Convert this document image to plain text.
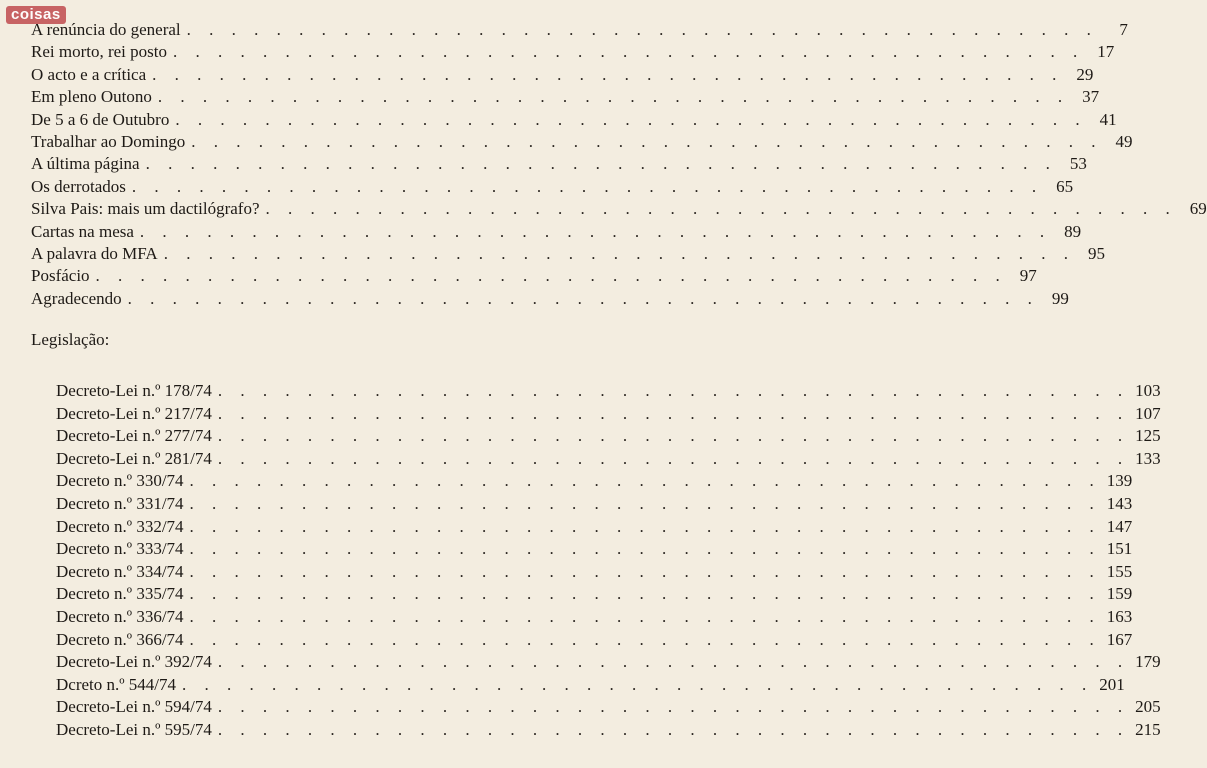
coisas
A renúncia do general . . . . . . . . . . . . . . . . . . . . . . . . . . . . . . . . . . . . . . . . .	7
Rei morto, rei posto . . . . . . . . . . . . . . . . . . . . . . . . . . . . . . . . . . . . . . . . . 17
O acto e a crítica . . . . . . . . . . . . . . . . . . . . . . . . . . . . . . . . . . . . . . . . . 29
Em pleno Outono . . . . . . . . . . . . . . . . . . . . . . . . . . . . . . . . . . . . . . . . . 37
De 5 a 6 de Outubro . . . . . . . . . . . . . . . . . . . . . . . . . . . . . . . . . . . . . . . . . 41
Trabalhar ao Domingo . . . . . . . . . . . . . . . . . . . . . . . . . . . . . . . . . . . . . . . . . 49
A última página . . . . . . . . . . . . . . . . . . . . . . . . . . . . . . . . . . . . . . . . . 53
Os derrotados . . . . . . . . . . . . . . . . . . . . . . . . . . . . . . . . . . . . . . . . . 65
Silva Pais: mais um dactilógrafo? . . . . . . . . . . . . . . . . . . . . . . . . . . . . . . . . . . . . . . . . . 69
Cartas na mesa . . . . . . . . . . . . . . . . . . . . . . . . . . . . . . . . . . . . . . . . . 89
A palavra do MFA . . . . . . . . . . . . . . . . . . . . . . . . . . . . . . . . . . . . . . . . . 95
Posfácio . . . . . . . . . . . . . . . . . . . . . . . . . . . . . . . . . . . . . . . . . 97
Agradecendo . . . . . . . . . . . . . . . . . . . . . . . . . . . . . . . . . . . . . . . . . 99
Legislação:
Decreto-Lei n.º 178/74 . . . . . . . . . . . . . . . . . . . . . . . . . . . . . . . . . . . . . . . . . 103
Decreto-Lei n.º 217/74 . . . . . . . . . . . . . . . . . . . . . . . . . . . . . . . . . . . . . . . . . 107
Decreto-Lei n.º 277/74 . . . . . . . . . . . . . . . . . . . . . . . . . . . . . . . . . . . . . . . . . 125
Decreto-Lei n.º 281/74 . . . . . . . . . . . . . . . . . . . . . . . . . . . . . . . . . . . . . . . . . 133
Decreto n.º 330/74 . . . . . . . . . . . . . . . . . . . . . . . . . . . . . . . . . . . . . . . . . 139
Decreto n.º 331/74 . . . . . . . . . . . . . . . . . . . . . . . . . . . . . . . . . . . . . . . . . 143
Decreto n.º 332/74 . . . . . . . . . . . . . . . . . . . . . . . . . . . . . . . . . . . . . . . . . 147
Decreto n.º 333/74 . . . . . . . . . . . . . . . . . . . . . . . . . . . . . . . . . . . . . . . . . 151
Decreto n.º 334/74 . . . . . . . . . . . . . . . . . . . . . . . . . . . . . . . . . . . . . . . . . 155
Decreto n.º 335/74 . . . . . . . . . . . . . . . . . . . . . . . . . . . . . . . . . . . . . . . . . 159
Decreto n.º 336/74 . . . . . . . . . . . . . . . . . . . . . . . . . . . . . . . . . . . . . . . . . 163
Decreto n.º 366/74 . . . . . . . . . . . . . . . . . . . . . . . . . . . . . . . . . . . . . . . . . 167
Decreto-Lei n.º 392/74 . . . . . . . . . . . . . . . . . . . . . . . . . . . . . . . . . . . . . . . . . 179
Dcreto n.º 544/74 . . . . . . . . . . . . . . . . . . . . . . . . . . . . . . . . . . . . . . . . . 201
Decreto-Lei n.º 594/74 . . . . . . . . . . . . . . . . . . . . . . . . . . . . . . . . . . . . . . . . . 205
Decreto-Lei n.º 595/74 . . . . . . . . . . . . . . . . . . . . . . . . . . . . . . . . . . . . . . . . . 215
